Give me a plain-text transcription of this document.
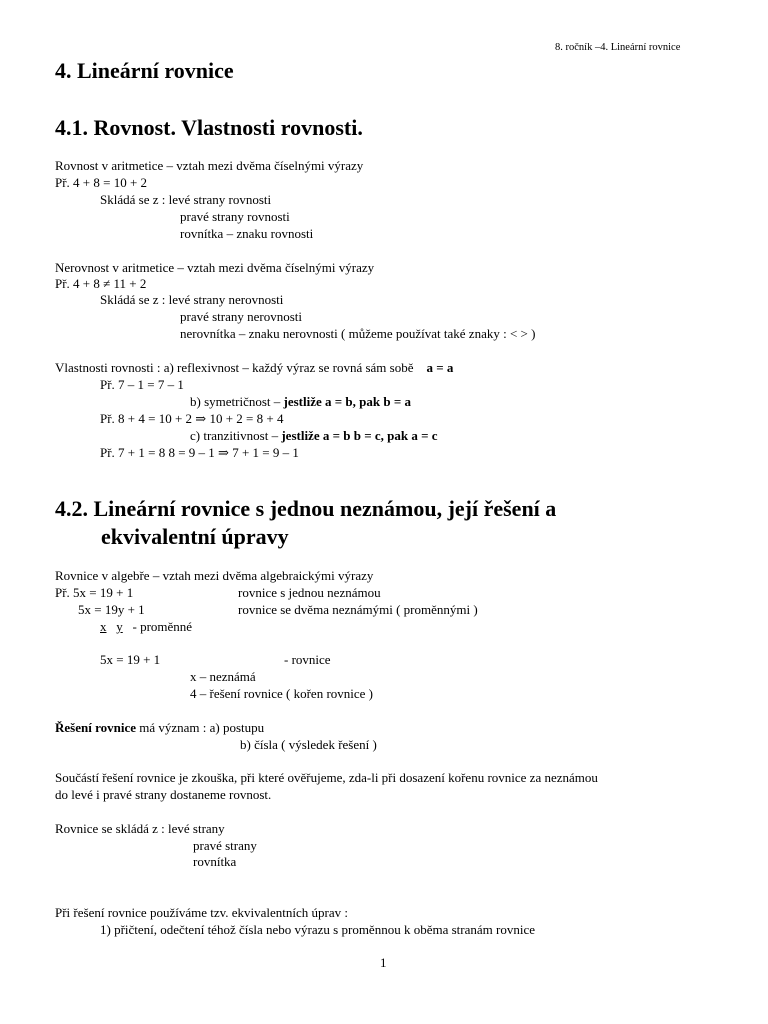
8. ročník –4. Lineární rovnice
4. Lineární rovnice
4.1. Rovnost. Vlastnosti rovnosti.
Rovnost v aritmetice – vztah mezi dvěma číselnými výrazy
Př. 4 + 8 = 10 + 2
Skládá se z : levé strany rovnosti
pravé strany rovnosti
rovnítka – znaku rovnosti
Nerovnost v aritmetice – vztah mezi dvěma číselnými výrazy
Př. 4 + 8 ≠ 11 + 2
Skládá se z : levé strany nerovnosti
pravé strany nerovnosti
nerovnítka – znaku nerovnosti ( můžeme používat také znaky : < > )
Vlastnosti rovnosti : a) reflexivnost – každý výraz se rovná sám sobě a = a
Př. 7 – 1 = 7 – 1
b) symetričnost – jestliže a = b, pak b = a
Př. 8 + 4 = 10 + 2 ⇒ 10 + 2 = 8 + 4
c) tranzitivnost – jestliže a = b b = c, pak a = c
Př. 7 + 1 = 8 8 = 9 – 1 ⇒ 7 + 1 = 9 – 1
4.2. Lineární rovnice s jednou neznámou, její řešení a
ekvivalentní úpravy
Rovnice v algebře – vztah mezi dvěma algebraickými výrazy
Př. 5x = 19 + 1	rovnice s jednou neznámou
5x = 19y + 1	rovnice se dvěma neznámými ( proměnnými )
x y - proměnné
5x = 19 + 1	- rovnice
x – neznámá
4 – řešení rovnice ( kořen rovnice )
Řešení rovnice má význam : a) postupu
b) čísla ( výsledek řešení )
Součástí řešení rovnice je zkouška, při které ověřujeme, zda-li při dosazení kořenu rovnice za neznámou
do levé i pravé strany dostaneme rovnost.
Rovnice se skládá z : levé strany
pravé strany
rovnítka
Při řešení rovnice používáme tzv. ekvivalentních úprav :
1) přičtení, odečtení téhož čísla nebo výrazu s proměnnou k oběma stranám rovnice
1
